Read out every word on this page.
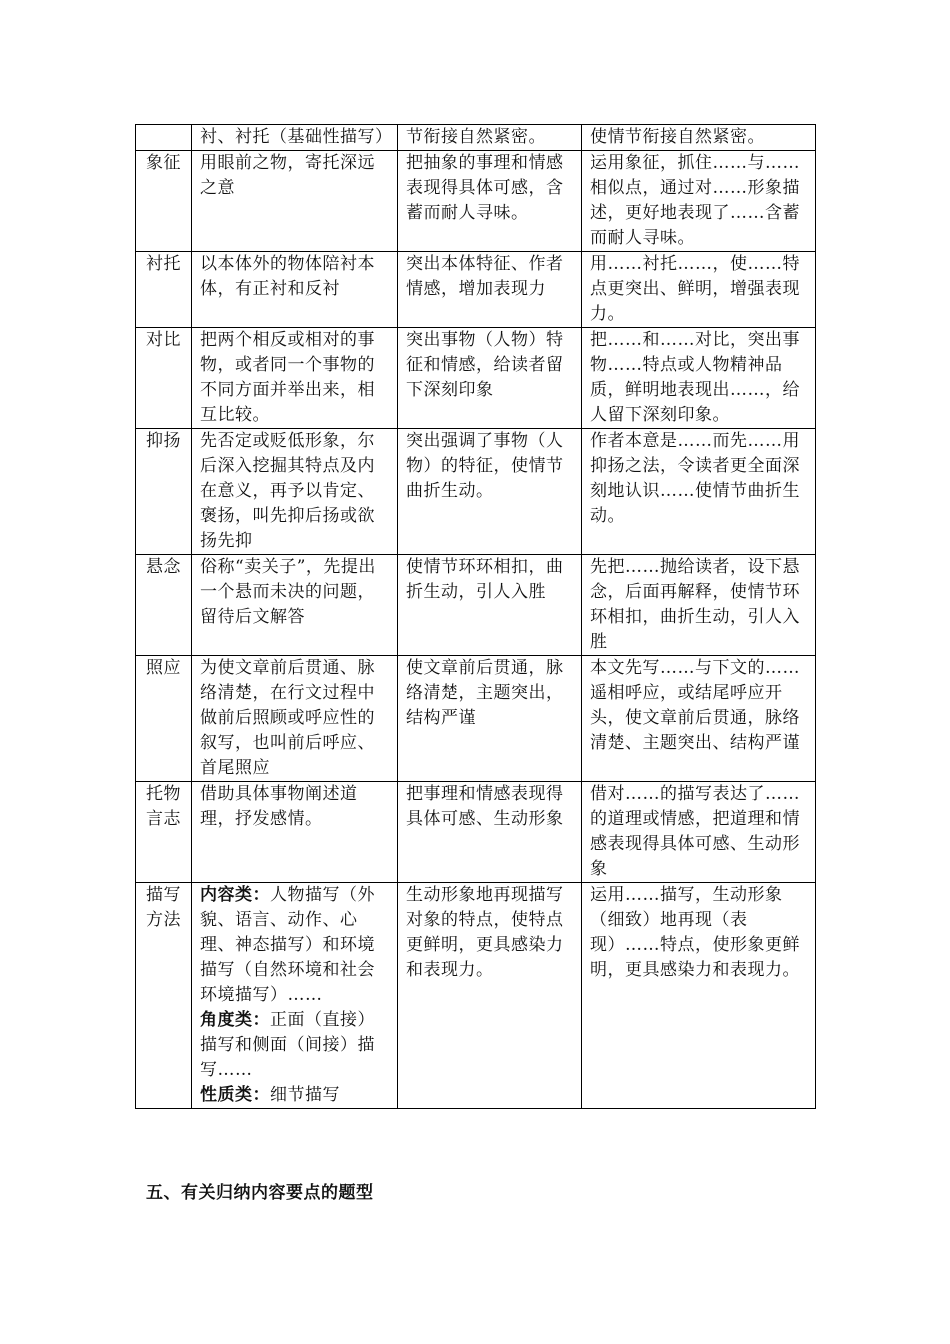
	衬、衬托（基础性描写）	节衔接自然紧密。	使情节衔接自然紧密。
象征	用眼前之物，寄托深远之意	把抽象的事理和情感表现得具体可感，含蓄而耐人寻味。	运用象征，抓住……与……相似点，通过对……形象描述，更好地表现了……含蓄而耐人寻味。
衬托	以本体外的物体陪衬本体，有正衬和反衬	突出本体特征、作者情感，增加表现力	用……衬托……，使……特点更突出、鲜明，增强表现力。
对比	把两个相反或相对的事物，或者同一个事物的不同方面并举出来，相互比较。	突出事物（人物）特征和情感，给读者留下深刻印象	把……和……对比，突出事物……特点或人物精神品质，鲜明地表现出……，给人留下深刻印象。
抑扬	先否定或贬低形象，尔后深入挖掘其特点及内在意义，再予以肯定、褒扬，叫先抑后扬或欲扬先抑	突出强调了事物（人物）的特征，使情节曲折生动。	作者本意是……而先……用抑扬之法，令读者更全面深刻地认识……使情节曲折生动。
悬念	俗称“卖关子”，先提出一个悬而未决的问题，留待后文解答	使情节环环相扣，曲折生动，引人入胜	先把……抛给读者，设下悬念，后面再解释，使情节环环相扣，曲折生动，引人入胜
照应	为使文章前后贯通、脉络清楚，在行文过程中做前后照顾或呼应性的叙写，也叫前后呼应、首尾照应	使文章前后贯通，脉络清楚，主题突出，结构严谨	本文先写……与下文的……遥相呼应，或结尾呼应开头，使文章前后贯通，脉络清楚、主题突出、结构严谨
托物言志	借助具体事物阐述道理，抒发感情。	把事理和情感表现得具体可感、生动形象	借对……的描写表达了……的道理或情感，把道理和情感表现得具体可感、生动形象
描写方法	内容类：人物描写（外貌、语言、动作、心理、神态描写）和环境描写（自然环境和社会环境描写）……
角度类：正面（直接）描写和侧面（间接）描写……
性质类：细节描写	生动形象地再现描写对象的特点，使特点更鲜明，更具感染力和表现力。	运用……描写，生动形象（细致）地再现（表现）……特点，使形象更鲜明，更具感染力和表现力。
五、有关归纳内容要点的题型
